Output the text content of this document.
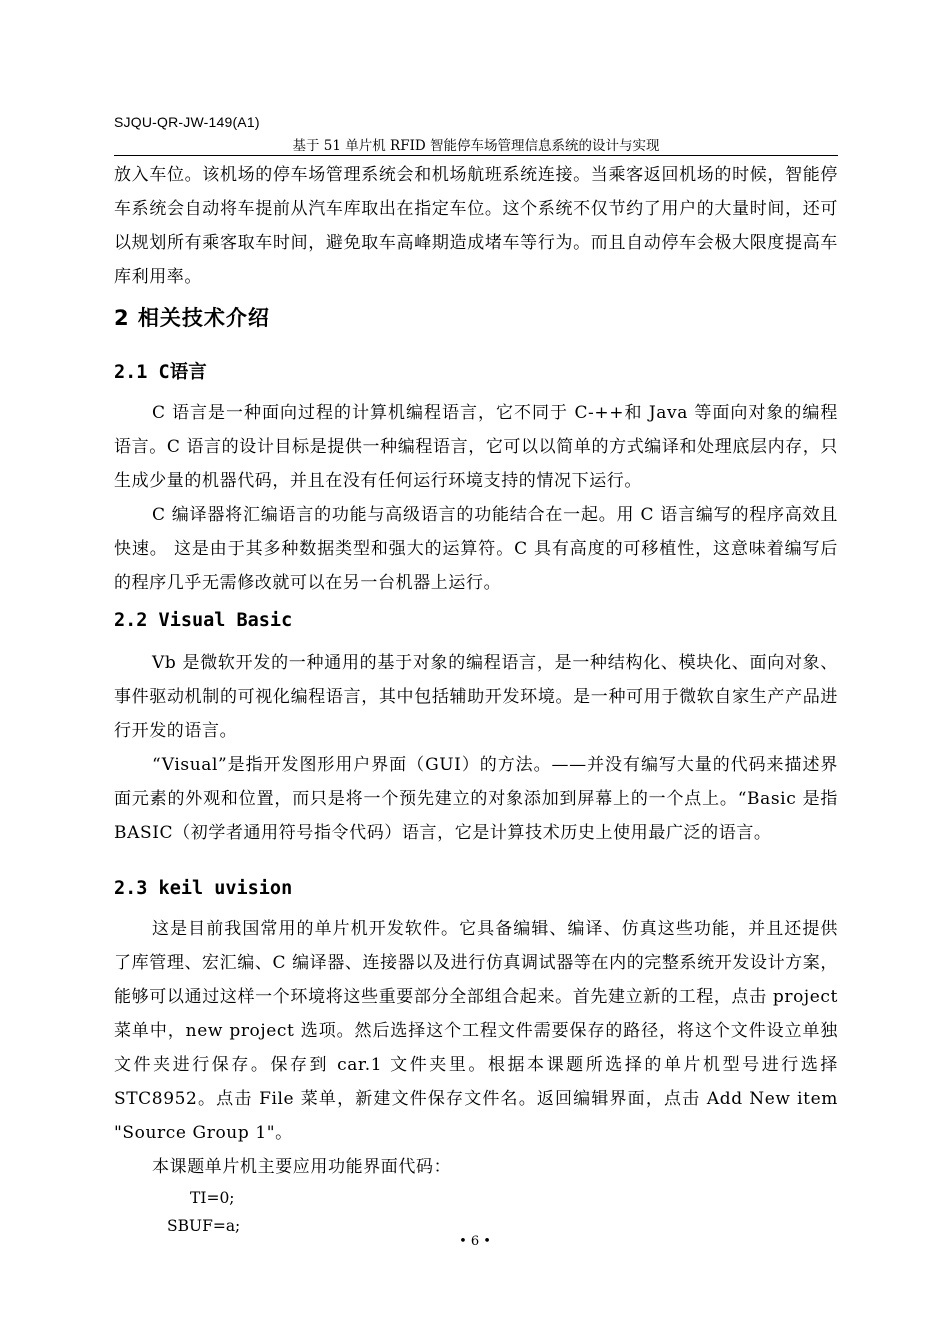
SJQU-QR-JW-149(A1)
基于 51 单片机 RFID 智能停车场管理信息系统的设计与实现

放入车位。该机场的停车场管理系统会和机场航班系统连接。当乘客返回机场的时候，智能停车系统会自动将车提前从汽车库取出在指定车位。这个系统不仅节约了用户的大量时间，还可以规划所有乘客取车时间，避免取车高峰期造成堵车等行为。而且自动停车会极大限度提高车库利用率。

2 相关技术介绍
2.1 C语言

C 语言是一种面向过程的计算机编程语言，它不同于 C-++和 Java 等面向对象的编程语言。C 语言的设计目标是提供一种编程语言，它可以以简单的方式编译和处理底层内存，只生成少量的机器代码，并且在没有任何运行环境支持的情况下运行。

C 编译器将汇编语言的功能与高级语言的功能结合在一起。用 C 语言编写的程序高效且快速。 这是由于其多种数据类型和强大的运算符。C 具有高度的可移植性，这意味着编写后的程序几乎无需修改就可以在另一台机器上运行。

2.2 Visual Basic

Vb 是微软开发的一种通用的基于对象的编程语言，是一种结构化、模块化、面向对象、事件驱动机制的可视化编程语言，其中包括辅助开发环境。是一种可用于微软自家生产产品进行开发的语言。

“Visual”是指开发图形用户界面（GUI）的方法。——并没有编写大量的代码来描述界面元素的外观和位置，而只是将一个预先建立的对象添加到屏幕上的一个点上。“Basic 是指 BASIC（初学者通用符号指令代码）语言，它是计算技术历史上使用最广泛的语言。

2.3 keil uvision

这是目前我国常用的单片机开发软件。它具备编辑、编译、仿真这些功能，并且还提供了库管理、宏汇编、C 编译器、连接器以及进行仿真调试器等在内的完整系统开发设计方案，能够可以通过这样一个环境将这些重要部分全部组合起来。首先建立新的工程，点击 project 菜单中，new project 选项。然后选择这个工程文件需要保存的路径，将这个文件设立单独文件夹进行保存。保存到 car.1 文件夹里。根据本课题所选择的单片机型号进行选择 STC8952。点击 File 菜单，新建文件保存文件名。返回编辑界面，点击 Add New item "Source Group 1"。

本课题单片机主要应用功能界面代码：

TI=0;
SBUF=a;
• 6 •
